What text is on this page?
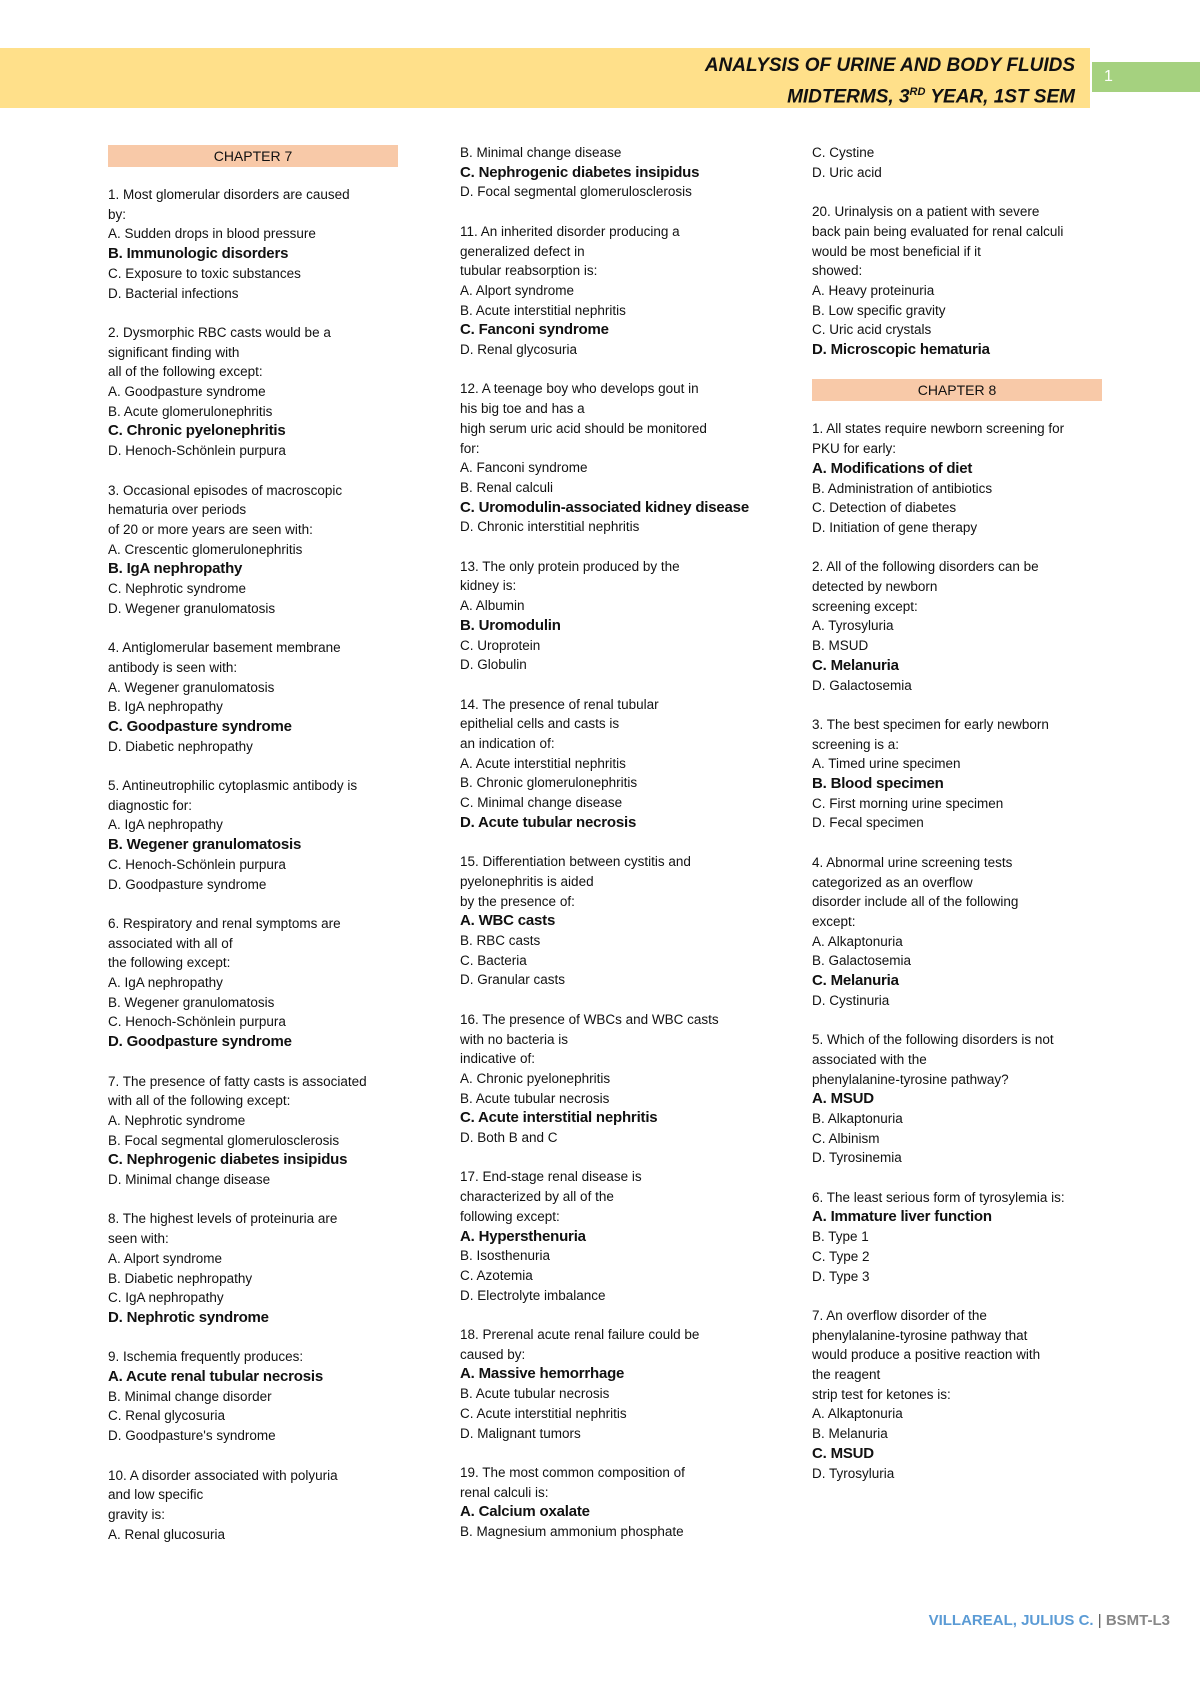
ANALYSIS OF URINE AND BODY FLUIDS
MIDTERMS, 3RD YEAR, 1ST SEM
1
CHAPTER 7
1. Most glomerular disorders are caused
by:
A. Sudden drops in blood pressure
B. Immunologic disorders
C. Exposure to toxic substances
D. Bacterial infections
2. Dysmorphic RBC casts would be a
significant finding with
all of the following except:
A. Goodpasture syndrome
B. Acute glomerulonephritis
C. Chronic pyelonephritis
D. Henoch-Schönlein purpura
3. Occasional episodes of macroscopic
hematuria over periods
of 20 or more years are seen with:
A. Crescentic glomerulonephritis
B. IgA nephropathy
C. Nephrotic syndrome
D. Wegener granulomatosis
4. Antiglomerular basement membrane
antibody is seen with:
A. Wegener granulomatosis
B. IgA nephropathy
C. Goodpasture syndrome
D. Diabetic nephropathy
5. Antineutrophilic cytoplasmic antibody is
diagnostic for:
A. IgA nephropathy
B. Wegener granulomatosis
C. Henoch-Schönlein purpura
D. Goodpasture syndrome
6. Respiratory and renal symptoms are
associated with all of
the following except:
A. IgA nephropathy
B. Wegener granulomatosis
C. Henoch-Schönlein purpura
D. Goodpasture syndrome
7. The presence of fatty casts is associated
with all of the following except:
A. Nephrotic syndrome
B. Focal segmental glomerulosclerosis
C. Nephrogenic diabetes insipidus
D. Minimal change disease
8. The highest levels of proteinuria are
seen with:
A. Alport syndrome
B. Diabetic nephropathy
C. IgA nephropathy
D. Nephrotic syndrome
9. Ischemia frequently produces:
A. Acute renal tubular necrosis
B. Minimal change disorder
C. Renal glycosuria
D. Goodpasture's syndrome
10. A disorder associated with polyuria
and low specific
gravity is:
A. Renal glucosuria
B. Minimal change disease
C. Nephrogenic diabetes insipidus
D. Focal segmental glomerulosclerosis
11. An inherited disorder producing a
generalized defect in
tubular reabsorption is:
A. Alport syndrome
B. Acute interstitial nephritis
C. Fanconi syndrome
D. Renal glycosuria
12. A teenage boy who develops gout in
his big toe and has a
high serum uric acid should be monitored
for:
A. Fanconi syndrome
B. Renal calculi
C. Uromodulin-associated kidney disease
D. Chronic interstitial nephritis
13. The only protein produced by the
kidney is:
A. Albumin
B. Uromodulin
C. Uroprotein
D. Globulin
14. The presence of renal tubular
epithelial cells and casts is
an indication of:
A. Acute interstitial nephritis
B. Chronic glomerulonephritis
C. Minimal change disease
D. Acute tubular necrosis
15. Differentiation between cystitis and
pyelonephritis is aided
by the presence of:
A. WBC casts
B. RBC casts
C. Bacteria
D. Granular casts
16. The presence of WBCs and WBC casts
with no bacteria is
indicative of:
A. Chronic pyelonephritis
B. Acute tubular necrosis
C. Acute interstitial nephritis
D. Both B and C
17. End-stage renal disease is
characterized by all of the
following except:
A. Hypersthenuria
B. Isosthenuria
C. Azotemia
D. Electrolyte imbalance
18. Prerenal acute renal failure could be
caused by:
A. Massive hemorrhage
B. Acute tubular necrosis
C. Acute interstitial nephritis
D. Malignant tumors
19. The most common composition of
renal calculi is:
A. Calcium oxalate
B. Magnesium ammonium phosphate
C. Cystine
D. Uric acid
20. Urinalysis on a patient with severe
back pain being evaluated for renal calculi
would be most beneficial if it
showed:
A. Heavy proteinuria
B. Low specific gravity
C. Uric acid crystals
D. Microscopic hematuria
CHAPTER 8
1. All states require newborn screening for
PKU for early:
A. Modifications of diet
B. Administration of antibiotics
C. Detection of diabetes
D. Initiation of gene therapy
2. All of the following disorders can be
detected by newborn
screening except:
A. Tyrosyluria
B. MSUD
C. Melanuria
D. Galactosemia
3. The best specimen for early newborn
screening is a:
A. Timed urine specimen
B. Blood specimen
C. First morning urine specimen
D. Fecal specimen
4. Abnormal urine screening tests
categorized as an overflow
disorder include all of the following
except:
A. Alkaptonuria
B. Galactosemia
C. Melanuria
D. Cystinuria
5. Which of the following disorders is not
associated with the
phenylalanine-tyrosine pathway?
A. MSUD
B. Alkaptonuria
C. Albinism
D. Tyrosinemia
6. The least serious form of tyrosylemia is:
A. Immature liver function
B. Type 1
C. Type 2
D. Type 3
7. An overflow disorder of the
phenylalanine-tyrosine pathway that
would produce a positive reaction with
the reagent
strip test for ketones is:
A. Alkaptonuria
B. Melanuria
C. MSUD
D. Tyrosyluria
VILLAREAL, JULIUS C. | BSMT-L3
